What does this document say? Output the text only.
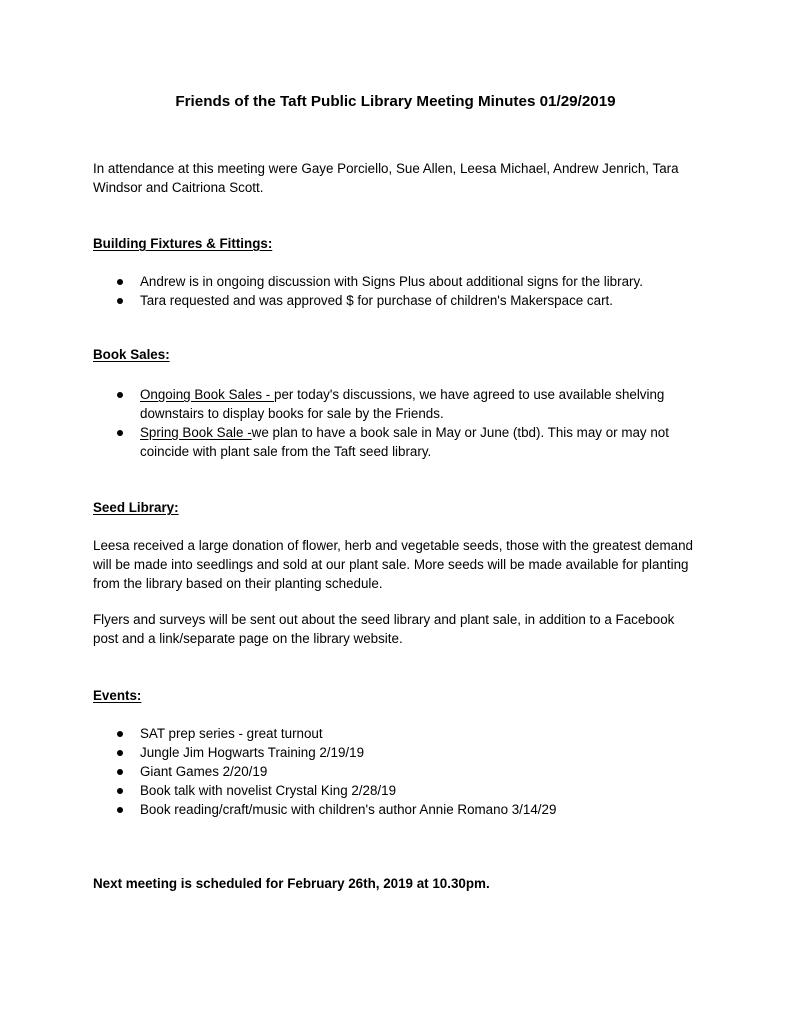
Friends of the Taft Public Library Meeting Minutes 01/29/2019

In attendance at this meeting were Gaye Porciello, Sue Allen, Leesa Michael, Andrew Jenrich, Tara Windsor and Caitriona Scott.

Building Fixtures & Fittings:
Andrew is in ongoing discussion with Signs Plus about additional signs for the library.
Tara requested and was approved $ for purchase of children's Makerspace cart.
Book Sales:
Ongoing Book Sales - per today's discussions, we have agreed to use available shelving downstairs to display books for sale by the Friends.
Spring Book Sale -we plan to have a book sale in May or June (tbd). This may or may not coincide with plant sale from the Taft seed library.
Seed Library:

Leesa received a large donation of flower, herb and vegetable seeds, those with the greatest demand will be made into seedlings and sold at our plant sale. More seeds will be made available for planting from the library based on their planting schedule.

Flyers and surveys will be sent out about the seed library and plant sale, in addition to a Facebook post and a link/separate page on the library website.

Events:
SAT prep series - great turnout
Jungle Jim Hogwarts Training 2/19/19
Giant Games 2/20/19
Book talk with novelist Crystal King 2/28/19
Book reading/craft/music with children's author Annie Romano 3/14/29
Next meeting is scheduled for February 26th, 2019 at 10.30pm.
